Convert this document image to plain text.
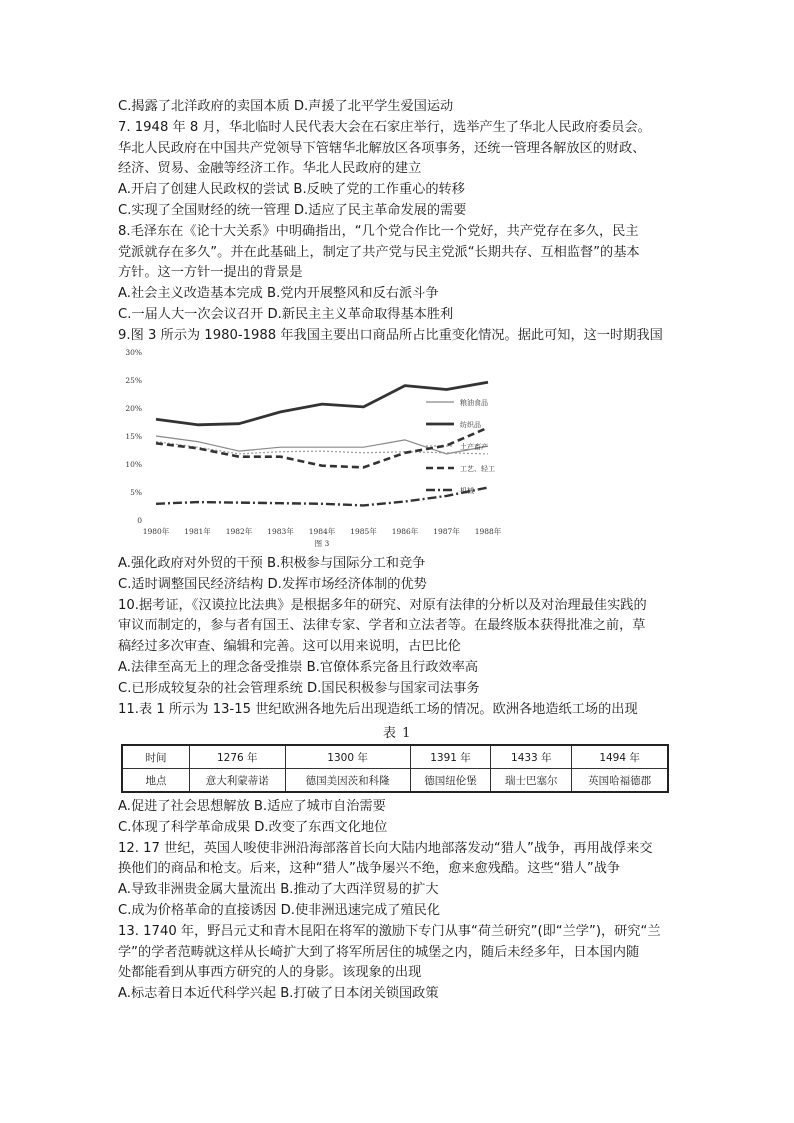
C.揭露了北洋政府的卖国本质 D.声援了北平学生爱国运动
7. 1948 年 8 月，华北临时人民代表大会在石家庄举行，选举产生了华北人民政府委员会。
华北人民政府在中国共产党领导下管辖华北解放区各项事务，还统一管理各解放区的财政、
经济、贸易、金融等经济工作。华北人民政府的建立
A.开启了创建人民政权的尝试 B.反映了党的工作重心的转移
C.实现了全国财经的统一管理 D.适应了民主革命发展的需要
8.毛泽东在《论十大关系》中明确指出，“几个党合作比一个党好，共产党存在多久，民主
党派就存在多久”。并在此基础上，制定了共产党与民主党派“长期共存、互相监督”的基本
方针。这一方针一提出的背景是
A.社会主义改造基本完成 B.党内开展整风和反右派斗争
C.一届人大一次会议召开 D.新民主主义革命取得基本胜利
9.图 3 所示为 1980-1988 年我国主要出口商品所占比重变化情况。据此可知，这一时期我国
0
5%
10%
15%
20%
25%
30%
1980年 1981年 1982年 1983年 1984年 1985年 1986年 1987年 1988年
图 3
粮油食品
纺织品
土产畜产
工艺、轻工
机械
A.强化政府对外贸的干预 B.积极参与国际分工和竞争
C.适时调整国民经济结构 D.发挥市场经济体制的优势
10.据考证，《汉谟拉比法典》是根据多年的研究、对原有法律的分析以及对治理最佳实践的
审议而制定的，参与者有国王、法律专家、学者和立法者等。在最终版本获得批准之前，草
稿经过多次审查、编辑和完善。这可以用来说明，古巴比伦
A.法律至高无上的理念备受推崇 B.官僚体系完备且行政效率高
C.已形成较复杂的社会管理系统 D.国民积极参与国家司法事务
11.表 1 所示为 13-15 世纪欧洲各地先后出现造纸工场的情况。欧洲各地造纸工场的出现
表 1
时间	1276 年	1300 年	1391 年	1433 年	1494 年
地点	意大利蒙蒂诺	德国美因茨和科隆	德国纽伦堡	瑞士巴塞尔	英国哈福德郡
A.促进了社会思想解放 B.适应了城市自治需要
C.体现了科学革命成果 D.改变了东西文化地位
12. 17 世纪，英国人唆使非洲沿海部落首长向大陆内地部落发动“猎人”战争，再用战俘来交
换他们的商品和枪支。后来，这种“猎人”战争屡兴不绝，愈来愈残酷。这些“猎人”战争
A.导致非洲贵金属大量流出 B.推动了大西洋贸易的扩大
C.成为价格革命的直接诱因 D.使非洲迅速完成了殖民化
13. 1740 年，野吕元丈和青木昆阳在将军的激励下专门从事“荷兰研究”(即“兰学”)，研究“兰
学”的学者范畴就这样从长崎扩大到了将军所居住的城堡之内，随后未经多年，日本国内随
处都能看到从事西方研究的人的身影。该现象的出现
A.标志着日本近代科学兴起 B.打破了日本闭关锁国政策
